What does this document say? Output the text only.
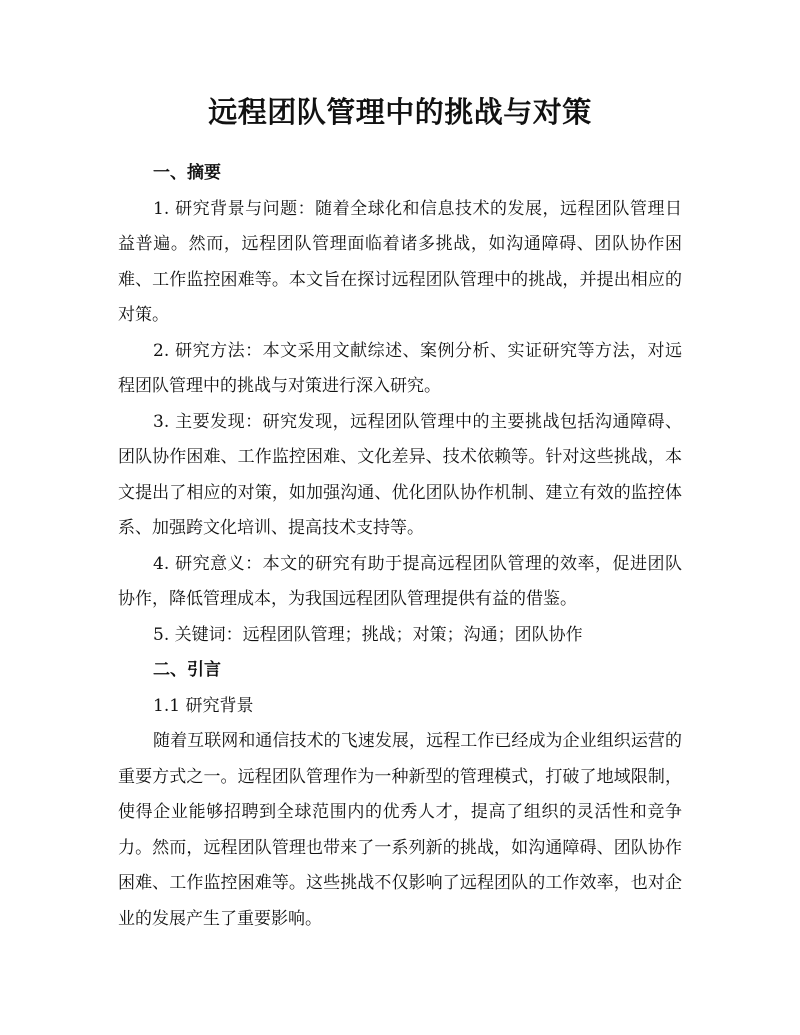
远程团队管理中的挑战与对策

一、摘要

1. 研究背景与问题：随着全球化和信息技术的发展，远程团队管理日益普遍。然而，远程团队管理面临着诸多挑战，如沟通障碍、团队协作困难、工作监控困难等。本文旨在探讨远程团队管理中的挑战，并提出相应的对策。

2. 研究方法：本文采用文献综述、案例分析、实证研究等方法，对远程团队管理中的挑战与对策进行深入研究。

3. 主要发现：研究发现，远程团队管理中的主要挑战包括沟通障碍、团队协作困难、工作监控困难、文化差异、技术依赖等。针对这些挑战，本文提出了相应的对策，如加强沟通、优化团队协作机制、建立有效的监控体系、加强跨文化培训、提高技术支持等。

4. 研究意义：本文的研究有助于提高远程团队管理的效率，促进团队协作，降低管理成本，为我国远程团队管理提供有益的借鉴。

5. 关键词：远程团队管理；挑战；对策；沟通；团队协作

二、引言

1.1 研究背景

随着互联网和通信技术的飞速发展，远程工作已经成为企业组织运营的重要方式之一。远程团队管理作为一种新型的管理模式，打破了地域限制，使得企业能够招聘到全球范围内的优秀人才，提高了组织的灵活性和竞争力。然而，远程团队管理也带来了一系列新的挑战，如沟通障碍、团队协作困难、工作监控困难等。这些挑战不仅影响了远程团队的工作效率，也对企业的发展产生了重要影响。
